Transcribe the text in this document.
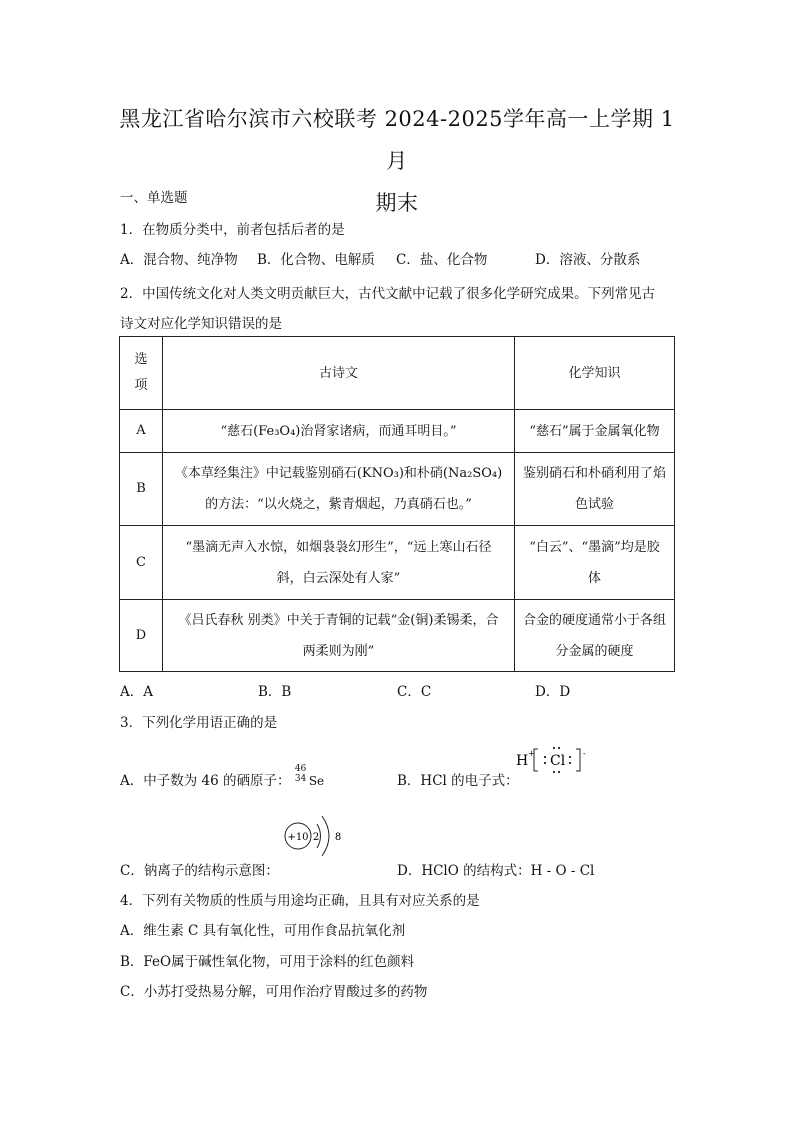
黑龙江省哈尔滨市六校联考 2024-2025学年高一上学期 1 月
期末
一、单选题
1．在物质分类中，前者包括后者的是
A．混合物、纯净物 B．化合物、电解质 C．盐、化合物	D．溶液、分散系
2．中国传统文化对人类文明贡献巨大，古代文献中记载了很多化学研究成果。下列常见古
诗文对应化学知识错误的是
选项	古诗文	化学知识
A	“慈石(Fe₃O₄)治肾家诸病，而通耳明目。”	“慈石”属于金属氧化物
B	《本草经集注》中记载鉴别硝石(KNO₃)和朴硝(Na₂SO₄)的方法：“以火烧之，紫青烟起，乃真硝石也。”	鉴别硝石和朴硝利用了焰色试验
C	“墨滴无声入水惊，如烟袅袅幻形生”，“远上寒山石径斜，白云深处有人家”	“白云”、“墨滴”均是胶体
D	《吕氏春秋 别类》中关于青铜的记载“金(铜)柔锡柔，合两柔则为刚”	合金的硬度通常小于各组分金属的硬度
A．A	B．B	C．C	D．D
3．下列化学用语正确的是
A．中子数为 46 的硒原子：
46
34 Se	B．HCl 的电子式：
H + Cl -
+10 2 8
C．钠离子的结构示意图：	D．HClO 的结构式：H - O - Cl
4．下列有关物质的性质与用途均正确，且具有对应关系的是
A．维生素 C 具有氧化性，可用作食品抗氧化剂
B．FeO属于碱性氧化物，可用于涂料的红色颜料
C．小苏打受热易分解，可用作治疗胃酸过多的药物
